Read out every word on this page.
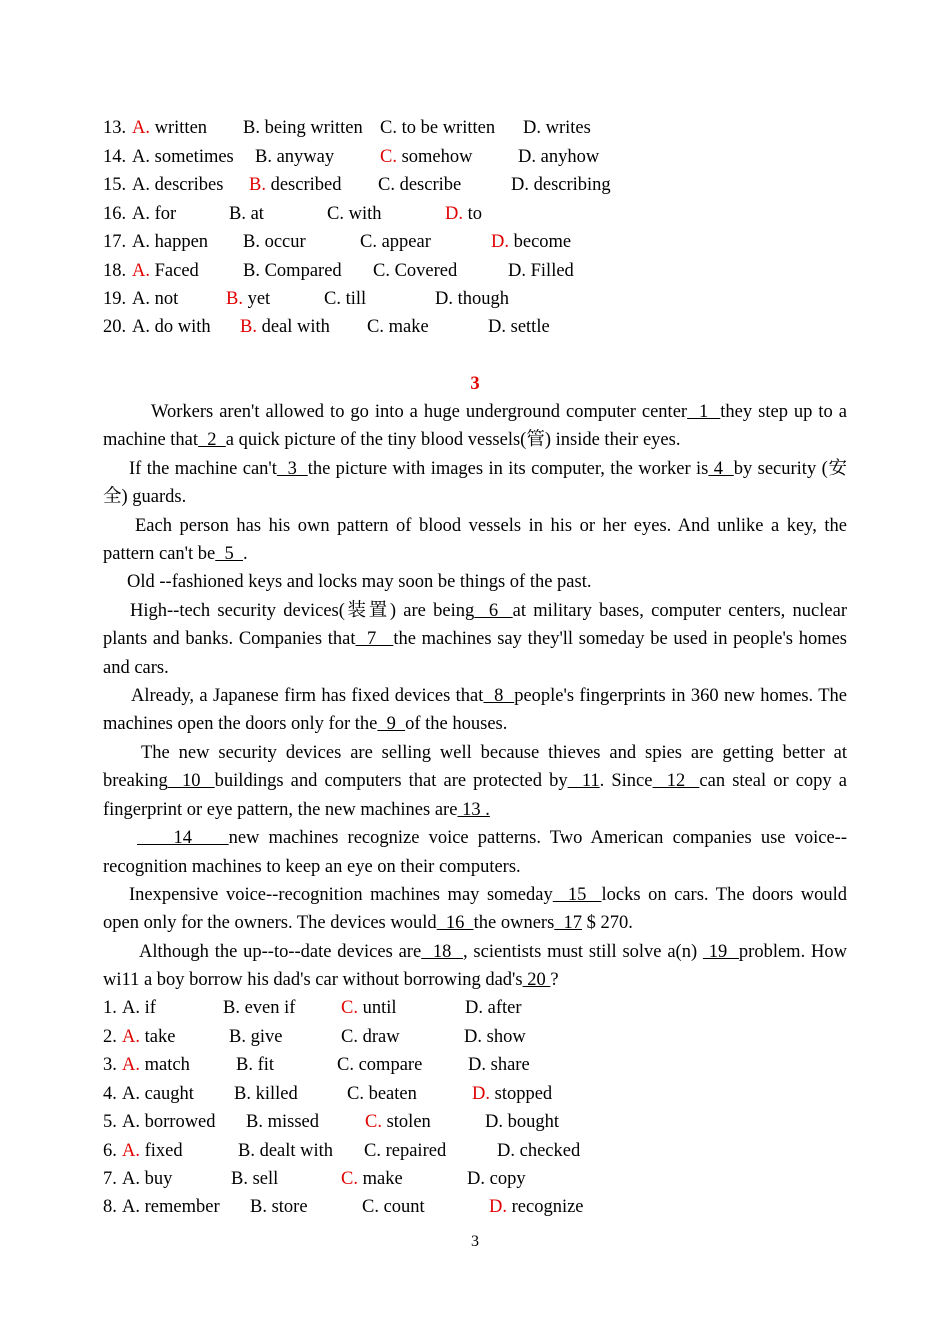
13. A. written B. being written C. to be written D. writes
14. A. sometimes B. anyway C. somehow D. anyhow
15. A. describes B. described C. describe	D. describing
16. A. for	B. at	C. with	D. to
17. A. happen B. occur	C. appear	D. become
18. A. Faced B. Compared C. Covered	D. Filled
19. A. not	B. yet	C. till	D. though
20. A. do with B. deal with C. make	D. settle
3

Workers aren't allowed to go into a huge underground computer center  1  they step up to a machine that  2  a quick picture of the tiny blood vessels(管) inside their eyes.

If the machine can't  3  the picture with images in its computer, the worker is 4  by security (安全) guards.

Each person has his own pattern of blood vessels in his or her eyes. And unlike a key, the pattern can't be  5  .

Old --fashioned keys and locks may soon be things of the past.

High--tech security devices(装置) are being  6  at military bases, computer centers, nuclear plants and banks. Companies that  7   the machines say they'll someday be used in people's homes and cars.

Already, a Japanese firm has fixed devices that  8  people's fingerprints in 360 new homes. The machines open the doors only for the  9  of the houses.

The new security devices are selling well because thieves and spies are getting better at breaking  10  buildings and computers that are protected by  11. Since  12  can steal or copy a fingerprint or eye pattern, the new machines are 13 .

14    new machines recognize voice patterns. Two American companies use voice--recognition machines to keep an eye on their computers.

Inexpensive voice--recognition machines may someday  15  locks on cars. The doors would open only for the owners. The devices would  16  the owners  17 $ 270.

Although the up--to--date devices are  18  , scientists must still solve a(n)  19  problem. How wi11 a boy borrow his dad's car without borrowing dad's 20 ?

1. A. if	B. even if C. until	D. after
2. A. take	B. give	C. draw	D. show
3. A. match B. fit	C. compare D. share
4. A. caught B. killed	C. beaten	D. stopped
5. A. borrowed B. missed C. stolen	D. bought
6. A. fixed	B. dealt with C. repaired	D. checked
7. A. buy	B. sell	C. make	D. copy
8. A. remember B. store	C. count	D. recognize
3
